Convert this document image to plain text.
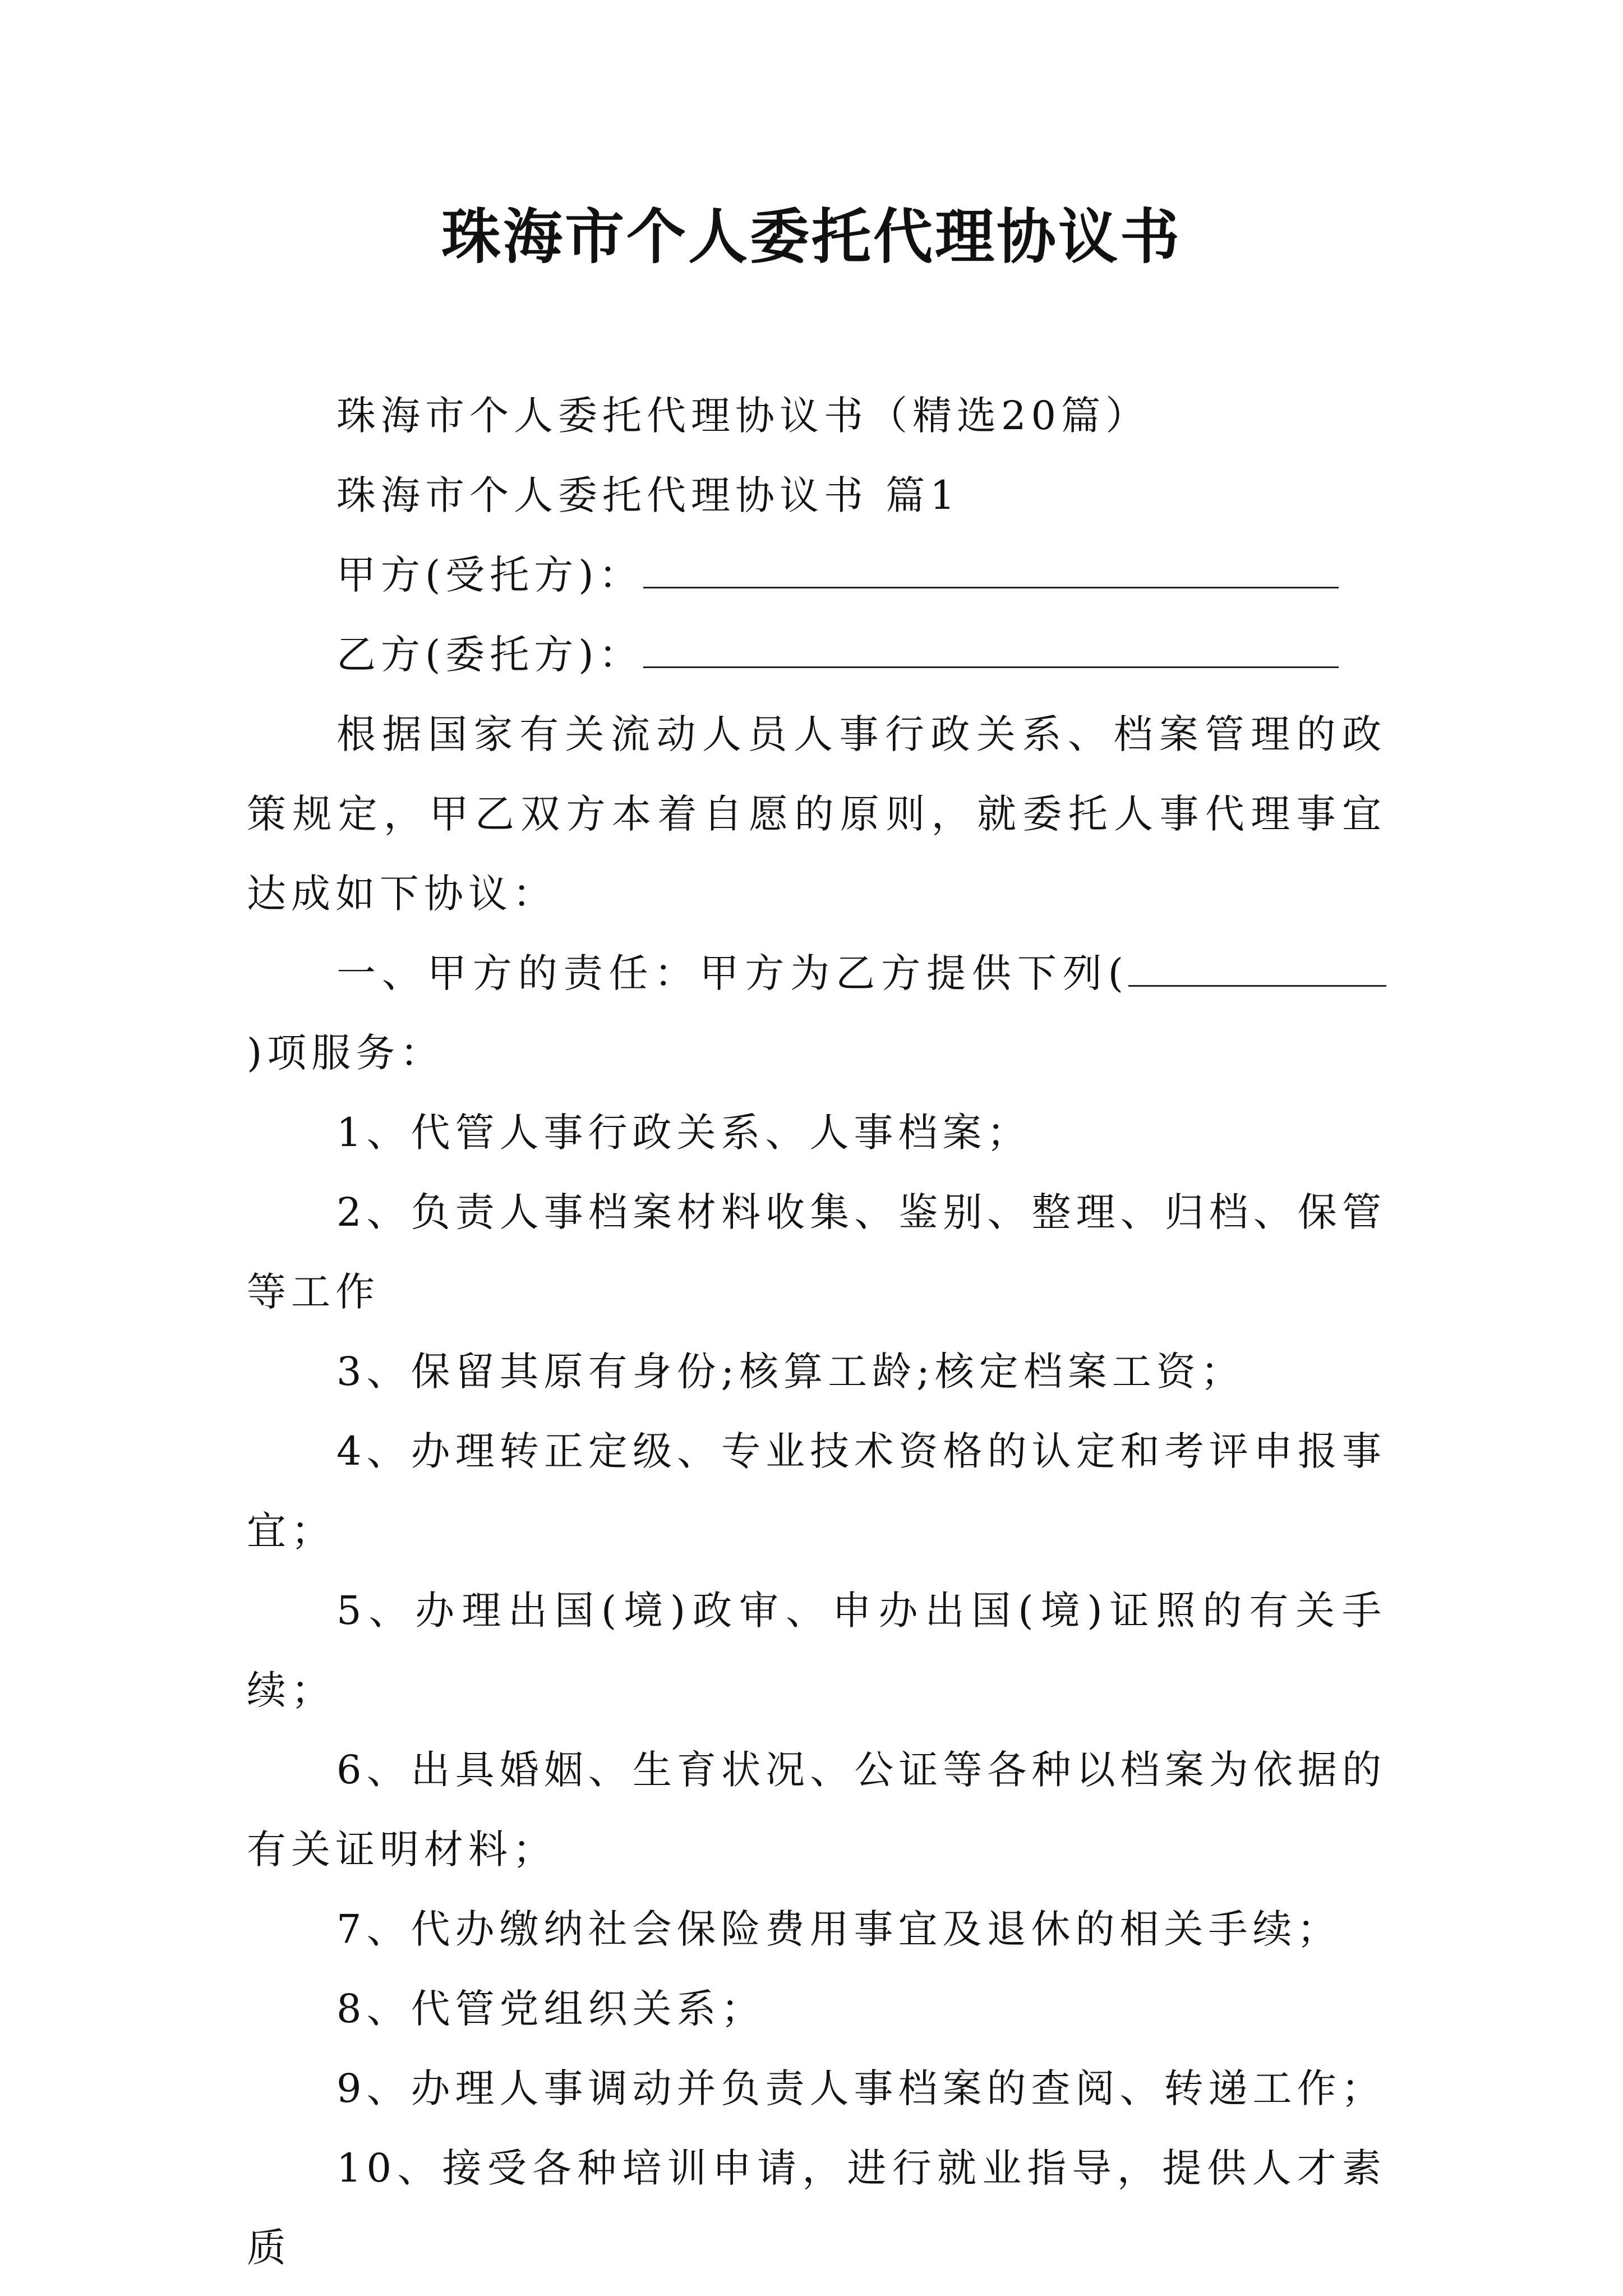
珠海市个人委托代理协议书

珠海市个人委托代理协议书（精选20篇）

珠海市个人委托代理协议书 篇1

甲方(受托方)：

乙方(委托方)：

根据国家有关流动人员人事行政关系、档案管理的政策规定，甲乙双方本着自愿的原则，就委托人事代理事宜达成如下协议：

一、甲方的责任：甲方为乙方提供下列()项服务：

1、代管人事行政关系、人事档案；

2、负责人事档案材料收集、鉴别、整理、归档、保管等工作

3、保留其原有身份;核算工龄;核定档案工资；

4、办理转正定级、专业技术资格的认定和考评申报事宜；

5、办理出国(境)政审、申办出国(境)证照的有关手续；

6、出具婚姻、生育状况、公证等各种以档案为依据的有关证明材料；

7、代办缴纳社会保险费用事宜及退休的相关手续；

8、代管党组织关系；

9、办理人事调动并负责人事档案的查阅、转递工作；

10、接受各种培训申请，进行就业指导，提供人才素质
